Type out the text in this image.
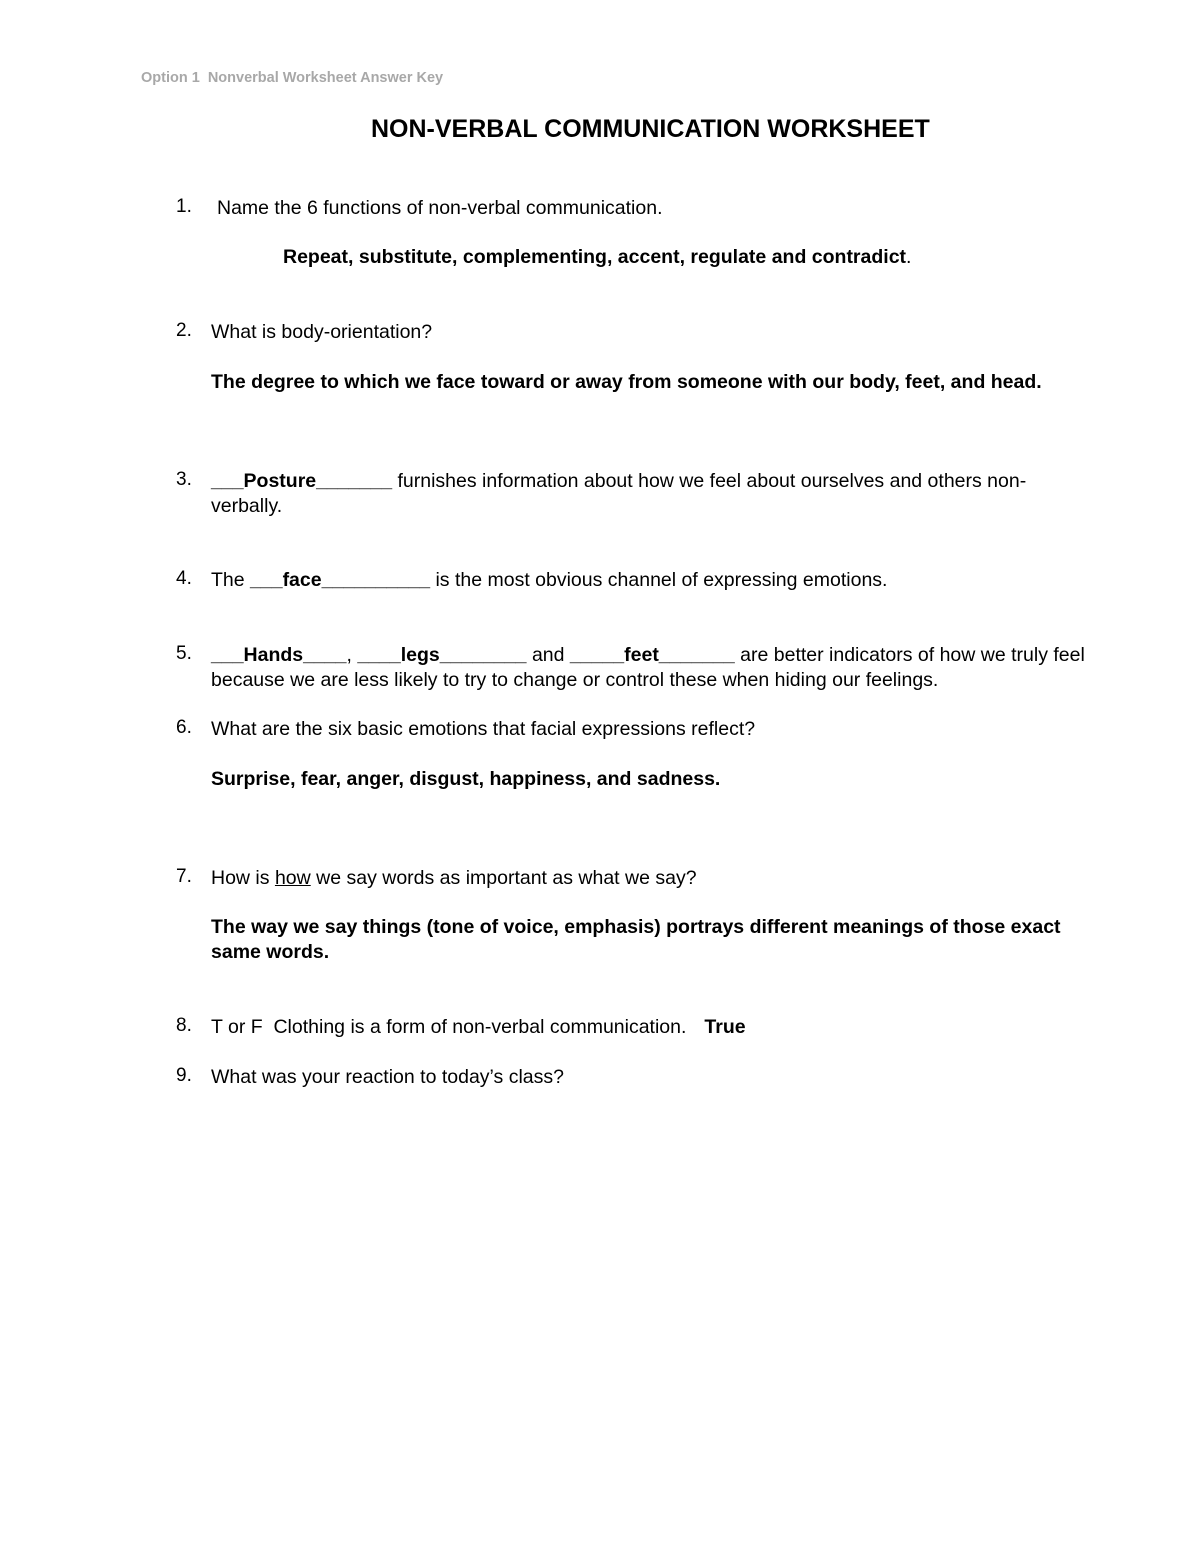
Option 1 Nonverbal Worksheet Answer Key
NON-VERBAL COMMUNICATION WORKSHEET
1. Name the 6 functions of non-verbal communication.
Repeat, substitute, complementing, accent, regulate and contradict.
2. What is body-orientation?
The degree to which we face toward or away from someone with our body, feet, and head.
3. ___Posture_______ furnishes information about how we feel about ourselves and others non-verbally.
4. The ___face__________ is the most obvious channel of expressing emotions.
5. ___Hands____, ____legs________ and _____feet_______ are better indicators of how we truly feel because we are less likely to try to change or control these when hiding our feelings.
6. What are the six basic emotions that facial expressions reflect?
Surprise, fear, anger, disgust, happiness, and sadness.
7. How is how we say words as important as what we say?
The way we say things (tone of voice, emphasis) portrays different meanings of those exact same words.
8. T or F  Clothing is a form of non-verbal communication. True
9. What was your reaction to today’s class?
